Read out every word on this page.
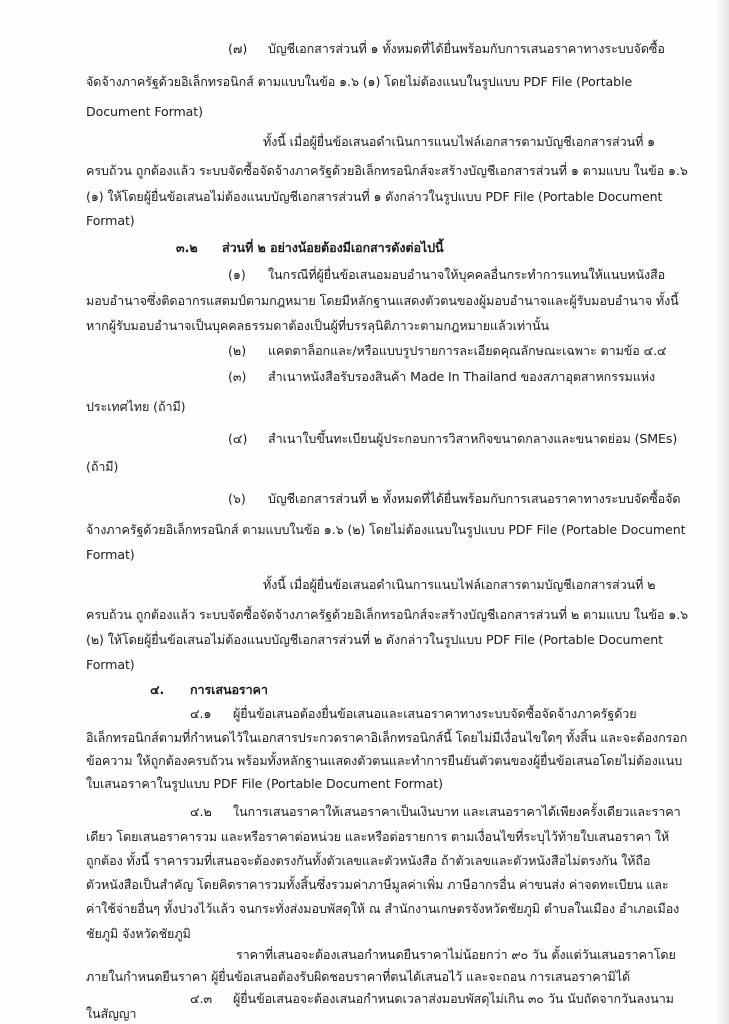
(๗) บัญชีเอกสารส่วนที่ ๑ ทั้งหมดที่ได้ยื่นพร้อมกับการเสนอราคาทางระบบจัดซื้อ

จัดจ้างภาครัฐด้วยอิเล็กทรอนิกส์ ตามแบบในข้อ ๑.๖ (๑) โดยไม่ต้องแนบในรูปแบบ PDF File (Portable

Document Format)

ทั้งนี้ เมื่อผู้ยื่นข้อเสนอดำเนินการแนบไฟล์เอกสารตามบัญชีเอกสารส่วนที่ ๑

ครบถ้วน ถูกต้องแล้ว ระบบจัดซื้อจัดจ้างภาครัฐด้วยอิเล็กทรอนิกส์จะสร้างบัญชีเอกสารส่วนที่ ๑ ตามแบบ ในข้อ ๑.๖

(๑) ให้โดยผู้ยื่นข้อเสนอไม่ต้องแนบบัญชีเอกสารส่วนที่ ๑ ดังกล่าวในรูปแบบ PDF File (Portable Document

Format)

๓.๒ ส่วนที่ ๒ อย่างน้อยต้องมีเอกสารดังต่อไปนี้

(๑) ในกรณีที่ผู้ยื่นข้อเสนอมอบอำนาจให้บุคคลอื่นกระทำการแทนให้แนบหนังสือ

มอบอำนาจซึ่งติดอากรแสตมป์ตามกฎหมาย โดยมีหลักฐานแสดงตัวตนของผู้มอบอำนาจและผู้รับมอบอำนาจ ทั้งนี้

หากผู้รับมอบอำนาจเป็นบุคคลธรรมดาต้องเป็นผู้ที่บรรลุนิติภาวะตามกฎหมายแล้วเท่านั้น

(๒) แคตตาล็อกและ/หรือแบบรูปรายการละเอียดคุณลักษณะเฉพาะ ตามข้อ ๔.๔

(๓) สำเนาหนังสือรับรองสินค้า Made In Thailand ของสภาอุตสาหกรรมแห่ง

ประเทศไทย (ถ้ามี)

(๔) สำเนาใบขึ้นทะเบียนผู้ประกอบการวิสาหกิจขนาดกลางและขนาดย่อม (SMEs)

(ถ้ามี)

(๖) บัญชีเอกสารส่วนที่ ๒ ทั้งหมดที่ได้ยื่นพร้อมกับการเสนอราคาทางระบบจัดซื้อจัด

จ้างภาครัฐด้วยอิเล็กทรอนิกส์ ตามแบบในข้อ ๑.๖ (๒) โดยไม่ต้องแนบในรูปแบบ PDF File (Portable Document

Format)

ทั้งนี้ เมื่อผู้ยื่นข้อเสนอดำเนินการแนบไฟล์เอกสารตามบัญชีเอกสารส่วนที่ ๒

ครบถ้วน ถูกต้องแล้ว ระบบจัดซื้อจัดจ้างภาครัฐด้วยอิเล็กทรอนิกส์จะสร้างบัญชีเอกสารส่วนที่ ๒ ตามแบบ ในข้อ ๑.๖

(๒) ให้โดยผู้ยื่นข้อเสนอไม่ต้องแนบบัญชีเอกสารส่วนที่ ๒ ดังกล่าวในรูปแบบ PDF File (Portable Document

Format)

๔. การเสนอราคา

๔.๑ ผู้ยื่นข้อเสนอต้องยื่นข้อเสนอและเสนอราคาทางระบบจัดซื้อจัดจ้างภาครัฐด้วย

อิเล็กทรอนิกส์ตามที่กำหนดไว้ในเอกสารประกวดราคาอิเล็กทรอนิกส์นี้ โดยไม่มีเงื่อนไขใดๆ ทั้งสิ้น และจะต้องกรอก

ข้อความ ให้ถูกต้องครบถ้วน พร้อมทั้งหลักฐานแสดงตัวตนและทำการยืนยันตัวตนของผู้ยื่นข้อเสนอโดยไม่ต้องแนบ

ใบเสนอราคาในรูปแบบ PDF File (Portable Document Format)

๔.๒ ในการเสนอราคาให้เสนอราคาเป็นเงินบาท และเสนอราคาได้เพียงครั้งเดียวและราคา

เดียว โดยเสนอราคารวม และหรือราคาต่อหน่วย และหรือต่อรายการ ตามเงื่อนไขที่ระบุไว้ท้ายใบเสนอราคา ให้

ถูกต้อง ทั้งนี้ ราคารวมที่เสนอจะต้องตรงกันทั้งตัวเลขและตัวหนังสือ ถ้าตัวเลขและตัวหนังสือไม่ตรงกัน ให้ถือ

ตัวหนังสือเป็นสำคัญ โดยคิดราคารวมทั้งสิ้นซึ่งรวมค่าภาษีมูลค่าเพิ่ม ภาษีอากรอื่น ค่าขนส่ง ค่าจดทะเบียน และ

ค่าใช้จ่ายอื่นๆ ทั้งปวงไว้แล้ว จนกระทั่งส่งมอบพัสดุให้ ณ สำนักงานเกษตรจังหวัดชัยภูมิ ตำบลในเมือง อำเภอเมือง

ชัยภูมิ จังหวัดชัยภูมิ

ราคาที่เสนอจะต้องเสนอกำหนดยืนราคาไม่น้อยกว่า ๙๐ วัน ตั้งแต่วันเสนอราคาโดย

ภายในกำหนดยืนราคา ผู้ยื่นข้อเสนอต้องรับผิดชอบราคาที่ตนได้เสนอไว้ และจะถอน การเสนอราคามิได้

๔.๓ ผู้ยื่นข้อเสนอจะต้องเสนอกำหนดเวลาส่งมอบพัสดุไม่เกิน ๓๐ วัน นับถัดจากวันลงนาม

ในสัญญา
